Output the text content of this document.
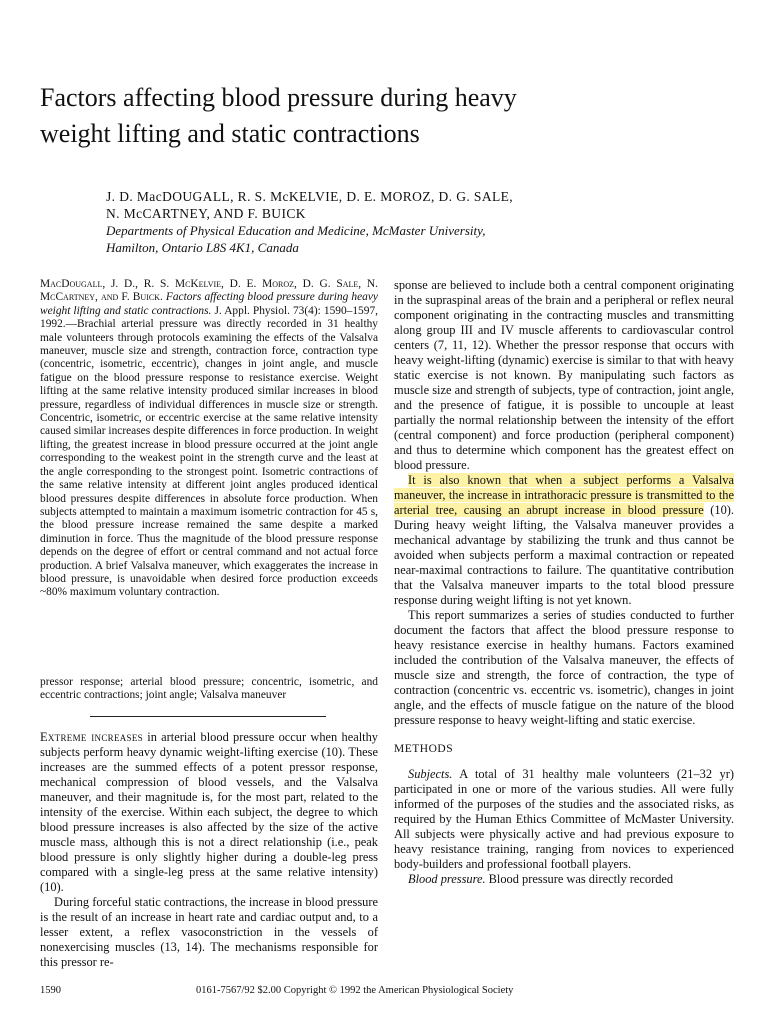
Factors affecting blood pressure during heavy
weight lifting and static contractions
J. D. MacDOUGALL, R. S. McKELVIE, D. E. MOROZ, D. G. SALE,
N. McCARTNEY, AND F. BUICK
Departments of Physical Education and Medicine, McMaster University,
Hamilton, Ontario L8S 4K1, Canada

MacDougall, J. D., R. S. McKelvie, D. E. Moroz, D. G. Sale, N. McCartney, and F. Buick. Factors affecting blood pressure during heavy weight lifting and static contractions. J. Appl. Physiol. 73(4): 1590–1597, 1992.—Brachial arterial pressure was directly recorded in 31 healthy male volunteers through protocols examining the effects of the Valsalva maneuver, muscle size and strength, contraction force, contraction type (concentric, isometric, eccentric), changes in joint angle, and muscle fatigue on the blood pressure response to resistance exercise. Weight lifting at the same relative intensity produced similar increases in blood pressure, regardless of individual differences in muscle size or strength. Concentric, isometric, or eccentric exercise at the same relative intensity caused similar increases despite differences in force production. In weight lifting, the greatest increase in blood pressure occurred at the joint angle corresponding to the weakest point in the strength curve and the least at the angle corresponding to the strongest point. Isometric contractions of the same relative intensity at different joint angles produced identical blood pressures despite differences in absolute force production. When subjects attempted to maintain a maximum isometric contraction for 45 s, the blood pressure increase remained the same despite a marked diminution in force. Thus the magnitude of the blood pressure response depends on the degree of effort or central command and not actual force production. A brief Valsalva maneuver, which exaggerates the increase in blood pressure, is unavoidable when desired force production exceeds ~80% maximum voluntary contraction.

pressor response; arterial blood pressure; concentric, isometric, and eccentric contractions; joint angle; Valsalva maneuver

Extreme increases in arterial blood pressure occur when healthy subjects perform heavy dynamic weight-lifting exercise (10). These increases are the summed effects of a potent pressor response, mechanical compression of blood vessels, and the Valsalva maneuver, and their magnitude is, for the most part, related to the intensity of the exercise. Within each subject, the degree to which blood pressure increases is also affected by the size of the active muscle mass, although this is not a direct relationship (i.e., peak blood pressure is only slightly higher during a double-leg press compared with a single-leg press at the same relative intensity) (10).

During forceful static contractions, the increase in blood pressure is the result of an increase in heart rate and cardiac output and, to a lesser extent, a reflex vasoconstriction in the vessels of nonexercising muscles (13, 14). The mechanisms responsible for this pressor re-

sponse are believed to include both a central component originating in the supraspinal areas of the brain and a peripheral or reflex neural component originating in the contracting muscles and transmitting along group III and IV muscle afferents to cardiovascular control centers (7, 11, 12). Whether the pressor response that occurs with heavy weight-lifting (dynamic) exercise is similar to that with heavy static exercise is not known. By manipulating such factors as muscle size and strength of subjects, type of contraction, joint angle, and the presence of fatigue, it is possible to uncouple at least partially the normal relationship between the intensity of the effort (central component) and force production (peripheral component) and thus to determine which component has the greatest effect on blood pressure.

It is also known that when a subject performs a Valsalva maneuver, the increase in intrathoracic pressure is transmitted to the arterial tree, causing an abrupt increase in blood pressure (10). During heavy weight lifting, the Valsalva maneuver provides a mechanical advantage by stabilizing the trunk and thus cannot be avoided when subjects perform a maximal contraction or repeated near-maximal contractions to failure. The quantitative contribution that the Valsalva maneuver imparts to the total blood pressure response during weight lifting is not yet known.

This report summarizes a series of studies conducted to further document the factors that affect the blood pressure response to heavy resistance exercise in healthy humans. Factors examined included the contribution of the Valsalva maneuver, the effects of muscle size and strength, the force of contraction, the type of contraction (concentric vs. eccentric vs. isometric), changes in joint angle, and the effects of muscle fatigue on the nature of the blood pressure response to heavy weight-lifting and static exercise.

METHODS

Subjects. A total of 31 healthy male volunteers (21–32 yr) participated in one or more of the various studies. All were fully informed of the purposes of the studies and the associated risks, as required by the Human Ethics Committee of McMaster University. All subjects were physically active and had previous exposure to heavy resistance training, ranging from novices to experienced body-builders and professional football players.

Blood pressure. Blood pressure was directly recorded

1590	0161-7567/92 $2.00 Copyright © 1992 the American Physiological Society
